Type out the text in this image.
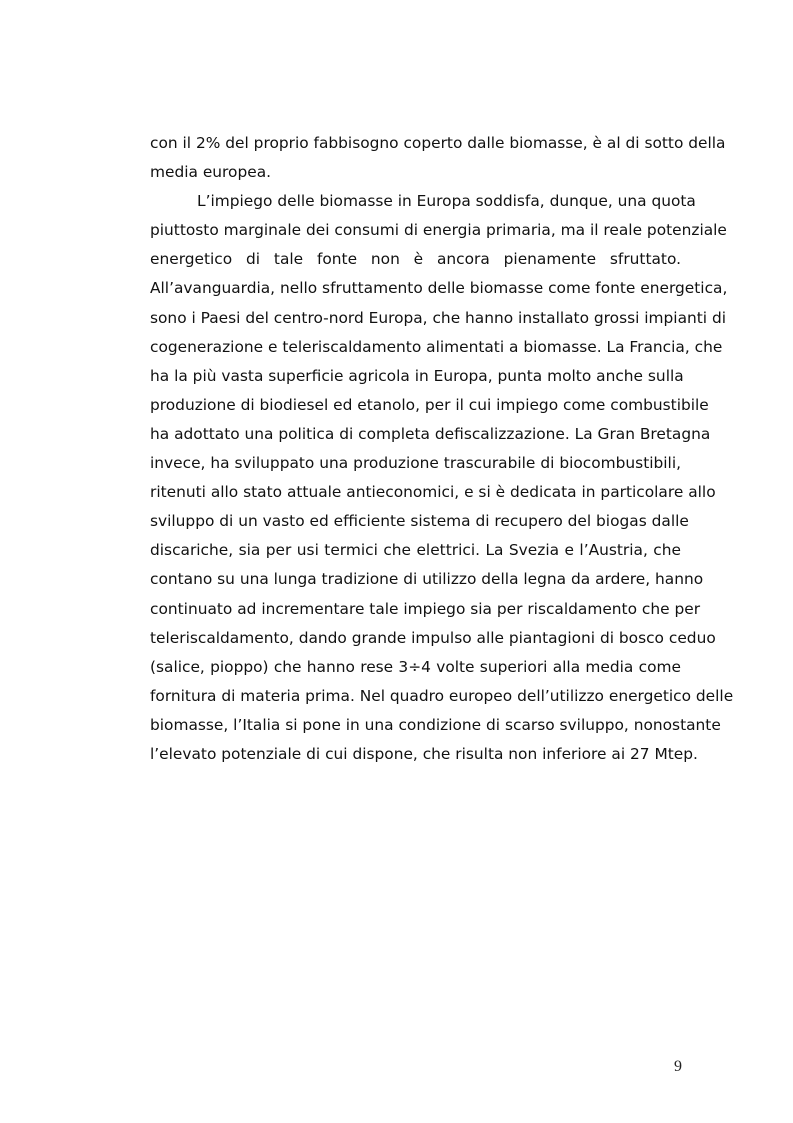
con il 2% del proprio fabbisogno coperto dalle biomasse, è al di sotto della
media europea.
L’impiego delle biomasse in Europa soddisfa, dunque, una quota
piuttosto marginale dei consumi di energia primaria, ma il reale potenziale
energetico di tale fonte non è ancora pienamente sfruttato.
All’avanguardia, nello sfruttamento delle biomasse come fonte energetica,
sono i Paesi del centro-nord Europa, che hanno installato grossi impianti di
cogenerazione e teleriscaldamento alimentati a biomasse. La Francia, che
ha la più vasta superficie agricola in Europa, punta molto anche sulla
produzione di biodiesel ed etanolo, per il cui impiego come combustibile
ha adottato una politica di completa defiscalizzazione. La Gran Bretagna
invece, ha sviluppato una produzione trascurabile di biocombustibili,
ritenuti allo stato attuale antieconomici, e si è dedicata in particolare allo
sviluppo di un vasto ed efficiente sistema di recupero del biogas dalle
discariche, sia per usi termici che elettrici. La Svezia e l’Austria, che
contano su una lunga tradizione di utilizzo della legna da ardere, hanno
continuato ad incrementare tale impiego sia per riscaldamento che per
teleriscaldamento, dando grande impulso alle piantagioni di bosco ceduo
(salice, pioppo) che hanno rese 3÷4 volte superiori alla media come
fornitura di materia prima. Nel quadro europeo dell’utilizzo energetico delle
biomasse, l’Italia si pone in una condizione di scarso sviluppo, nonostante
l’elevato potenziale di cui dispone, che risulta non inferiore ai 27 Mtep.
9
